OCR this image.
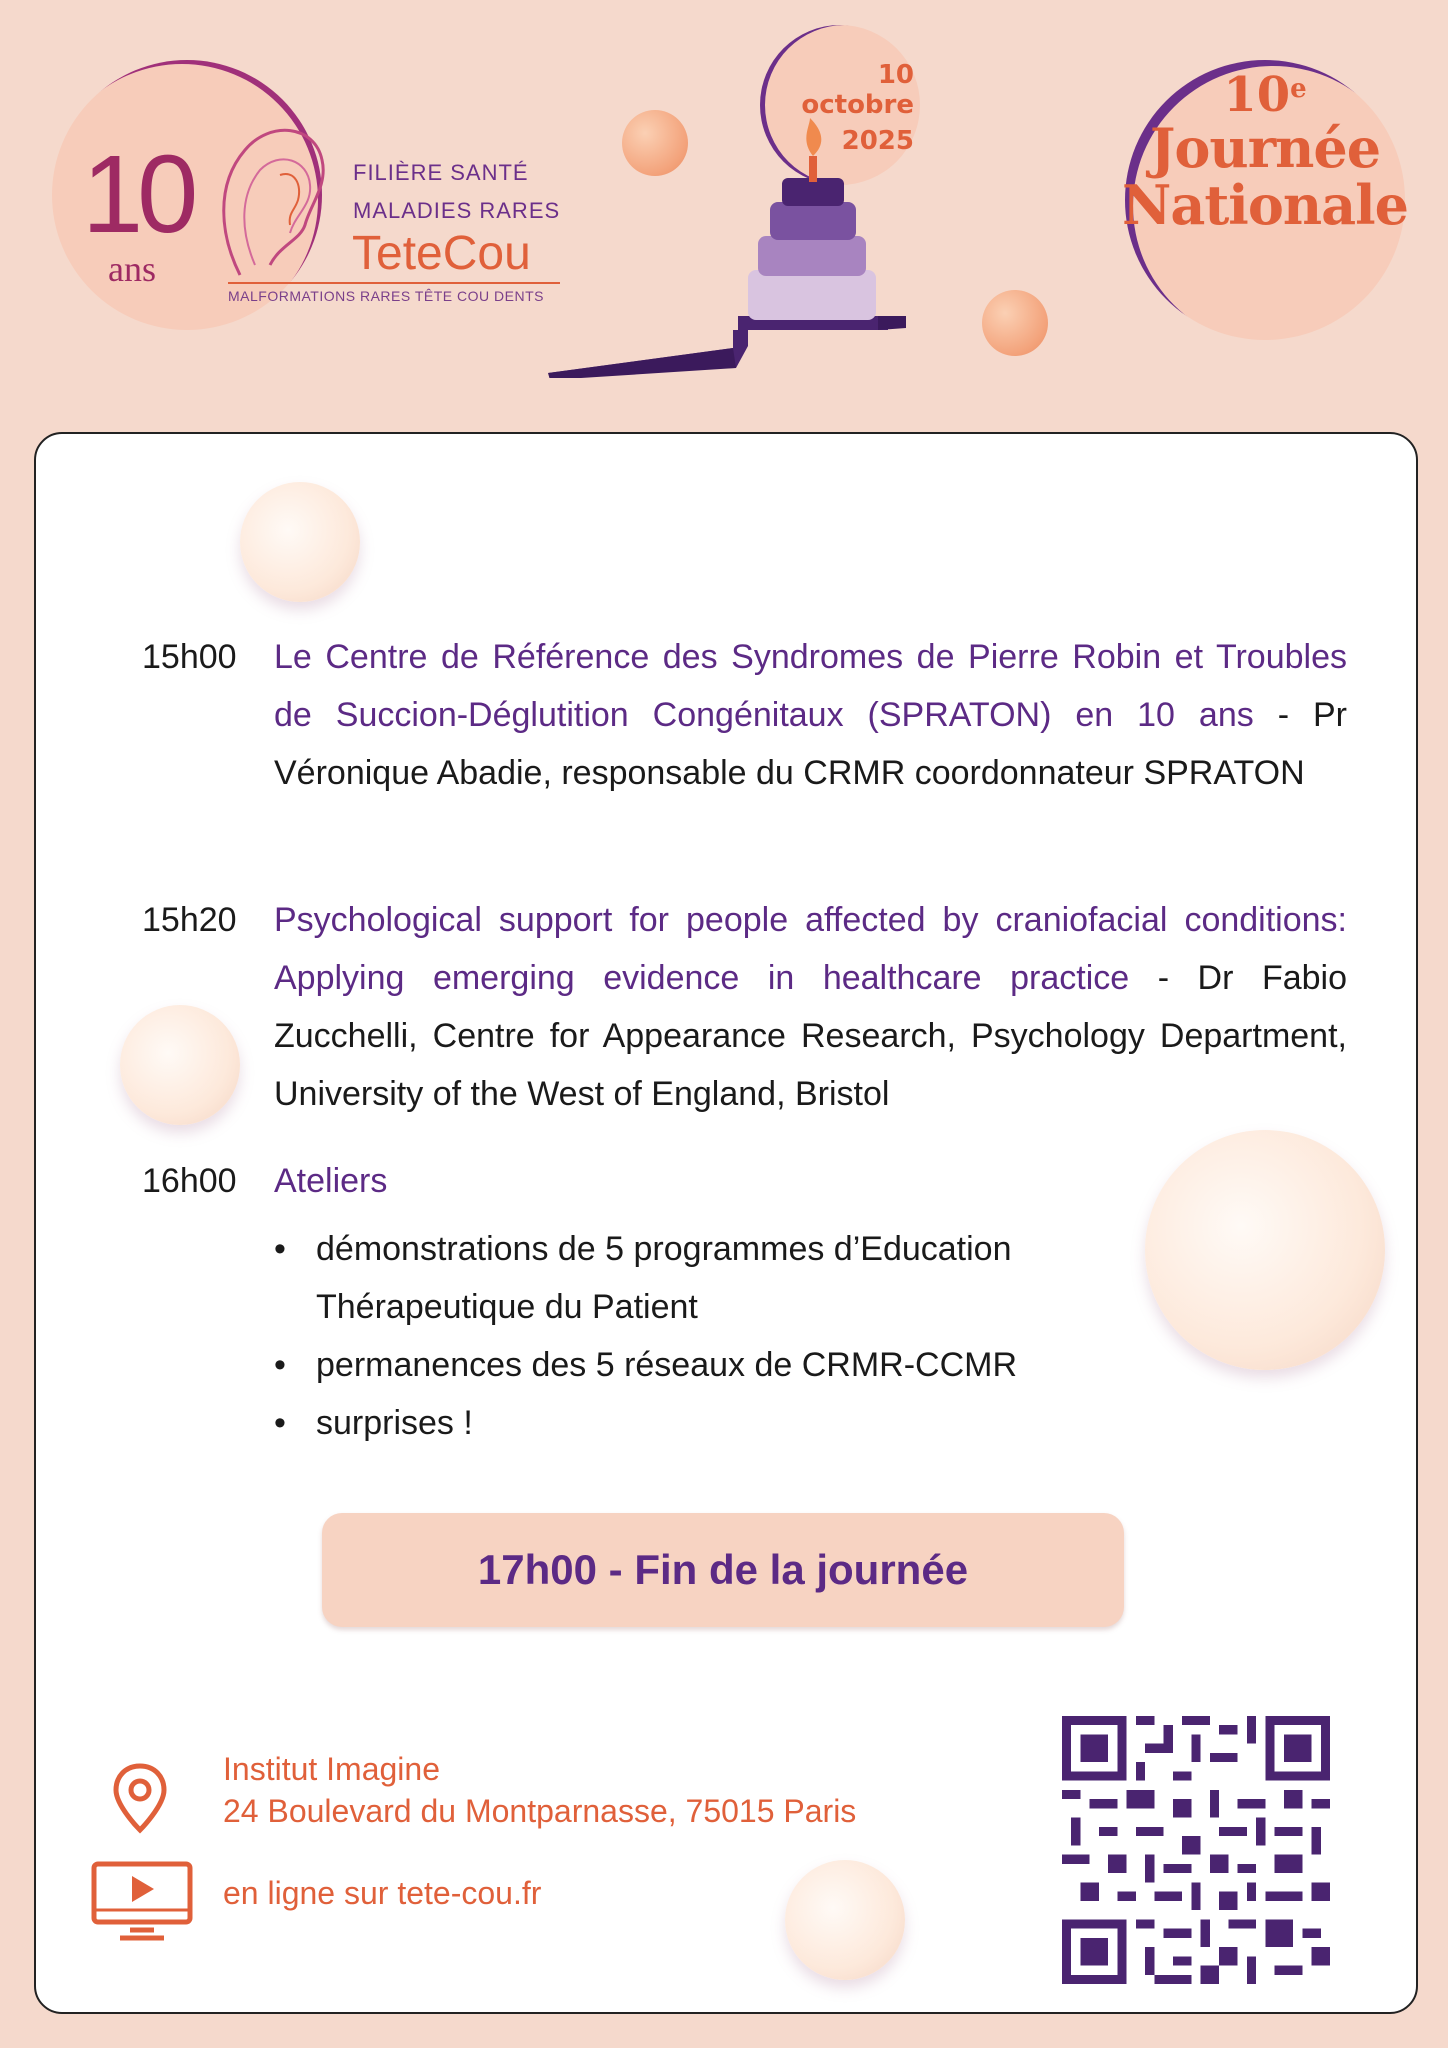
10
ans
FILIÈRE SANTÉ
MALADIES RARES
TeteCou
MALFORMATIONS RARES TÊTE COU DENTS
10 octobre
2025
10e
Journée
Nationale
15h00	Le Centre de Référence des Syndromes de Pierre Robin et Troubles de Succion-Déglutition Congénitaux (SPRATON) en 10 ans - Pr Véronique Abadie, responsable du CRMR coordonnateur SPRATON
15h20	Psychological support for people affected by craniofacial conditions: Applying emerging evidence in healthcare practice - Dr Fabio Zucchelli, Centre for Appearance Research, Psychology Department, University of the West of England, Bristol
16h00	Ateliers
• démonstrations de 5 programmes d’Education Thérapeutique du Patient
• permanences des 5 réseaux de CRMR-CCMR
• surprises !
17h00 - Fin de la journée
Institut Imagine
24 Boulevard du Montparnasse, 75015 Paris
en ligne sur tete-cou.fr
